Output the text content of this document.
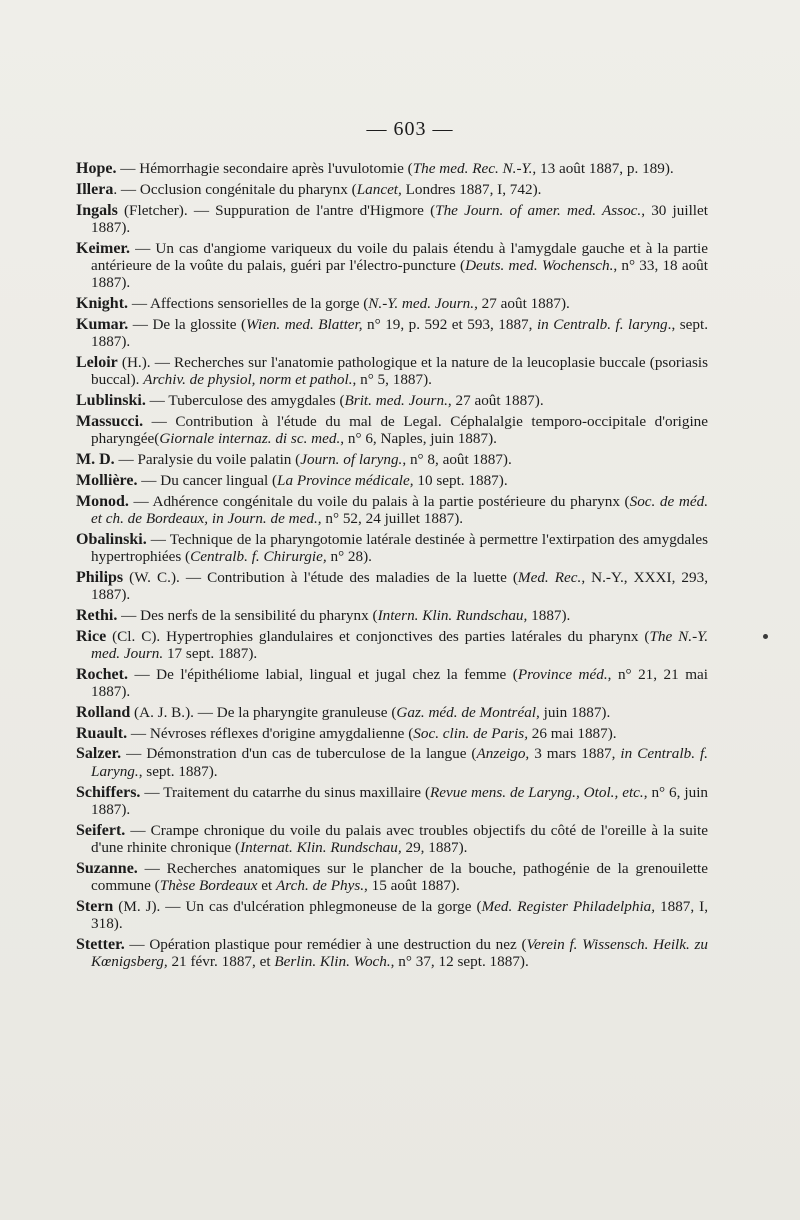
— 603 —

Hope. — Hémorrhagie secondaire après l'uvulotomie (The med. Rec. N.-Y., 13 août 1887, p. 189).

Illera. — Occlusion congénitale du pharynx (Lancet, Londres 1887, I, 742).

Ingals (Fletcher). — Suppuration de l'antre d'Higmore (The Journ. of amer. med. Assoc., 30 juillet 1887).

Keimer. — Un cas d'angiome variqueux du voile du palais étendu à l'amygdale gauche et à la partie antérieure de la voûte du palais, guéri par l'électro-puncture (Deuts. med. Wochensch., n° 33, 18 août 1887).

Knight. — Affections sensorielles de la gorge (N.-Y. med. Journ., 27 août 1887).

Kumar. — De la glossite (Wien. med. Blatter, n° 19, p. 592 et 593, 1887, in Centralb. f. laryng., sept. 1887).

Leloir (H.). — Recherches sur l'anatomie pathologique et la nature de la leucoplasie buccale (psoriasis buccal). Archiv. de physiol, norm et pathol., n° 5, 1887).

Lublinski. — Tuberculose des amygdales (Brit. med. Journ., 27 août 1887).

Massucci. — Contribution à l'étude du mal de Legal. Céphalalgie temporo-occipitale d'origine pharyngée(Giornale internaz. di sc. med., n° 6, Naples, juin 1887).

M. D. — Paralysie du voile palatin (Journ. of laryng., n° 8, août 1887).

Mollière. — Du cancer lingual (La Province médicale, 10 sept. 1887).

Monod. — Adhérence congénitale du voile du palais à la partie postérieure du pharynx (Soc. de méd. et ch. de Bordeaux, in Journ. de med., n° 52, 24 juillet 1887).

Obalinski. — Technique de la pharyngotomie latérale destinée à permettre l'extirpation des amygdales hypertrophiées (Centralb. f. Chirurgie, n° 28).

Philips (W. C.). — Contribution à l'étude des maladies de la luette (Med. Rec., N.-Y., XXXI, 293, 1887).

Rethi. — Des nerfs de la sensibilité du pharynx (Intern. Klin. Rundschau, 1887).

Rice (Cl. C). Hypertrophies glandulaires et conjonctives des parties latérales du pharynx (The N.-Y. med. Journ. 17 sept. 1887).

Rochet. — De l'épithéliome labial, lingual et jugal chez la femme (Province méd., n° 21, 21 mai 1887).

Rolland (A. J. B.). — De la pharyngite granuleuse (Gaz. méd. de Montréal, juin 1887).

Ruault. — Névroses réflexes d'origine amygdalienne (Soc. clin. de Paris, 26 mai 1887).

Salzer. — Démonstration d'un cas de tuberculose de la langue (Anzeigo, 3 mars 1887, in Centralb. f. Laryng., sept. 1887).

Schiffers. — Traitement du catarrhe du sinus maxillaire (Revue mens. de Laryng., Otol., etc., n° 6, juin 1887).

Seifert. — Crampe chronique du voile du palais avec troubles objectifs du côté de l'oreille à la suite d'une rhinite chronique (Internat. Klin. Rundschau, 29, 1887).

Suzanne. — Recherches anatomiques sur le plancher de la bouche, pathogénie de la grenouilette commune (Thèse Bordeaux et Arch. de Phys., 15 août 1887).

Stern (M. J). — Un cas d'ulcération phlegmoneuse de la gorge (Med. Register Philadelphia, 1887, I, 318).

Stetter. — Opération plastique pour remédier à une destruction du nez (Verein f. Wissensch. Heilk. zu Kœnigsberg, 21 févr. 1887, et Berlin. Klin. Woch., n° 37, 12 sept. 1887).
